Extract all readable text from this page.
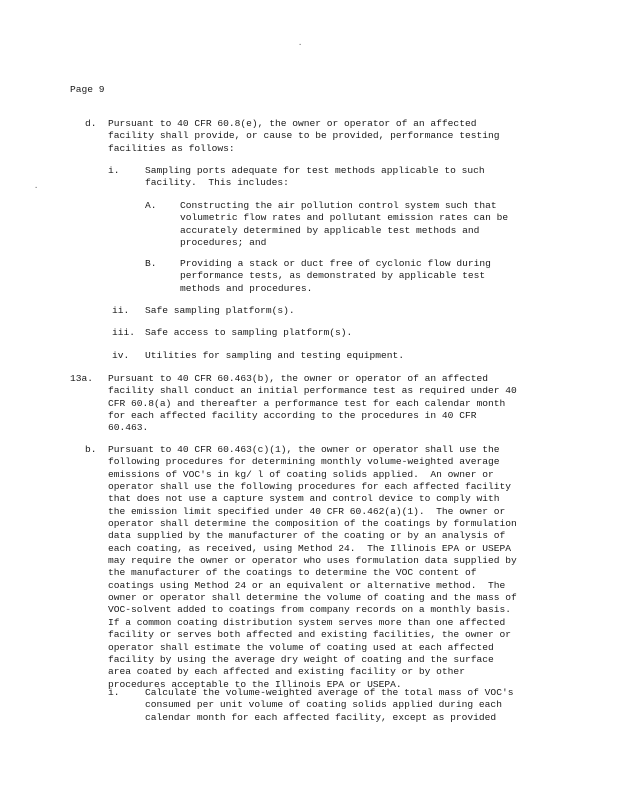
.
.
Page 9
d. Pursuant to 40 CFR 60.8(e), the owner or operator of an affected
facility shall provide, or cause to be provided, performance testing
facilities as follows:
i.	Sampling ports adequate for test methods applicable to such
facility.  This includes:
A. Constructing the air pollution control system such that
volumetric flow rates and pollutant emission rates can be
accurately determined by applicable test methods and
procedures; and
B. Providing a stack or duct free of cyclonic flow during
performance tests, as demonstrated by applicable test
methods and procedures.
ii. Safe sampling platform(s).
iii. Safe access to sampling platform(s).
iv. Utilities for sampling and testing equipment.
13a. Pursuant to 40 CFR 60.463(b), the owner or operator of an affected
facility shall conduct an initial performance test as required under 40
CFR 60.8(a) and thereafter a performance test for each calendar month
for each affected facility according to the procedures in 40 CFR
60.463.
b. Pursuant to 40 CFR 60.463(c)(1), the owner or operator shall use the
following procedures for determining monthly volume-weighted average
emissions of VOC's in kg/ l of coating solids applied.  An owner or
operator shall use the following procedures for each affected facility
that does not use a capture system and control device to comply with
the emission limit specified under 40 CFR 60.462(a)(1).  The owner or
operator shall determine the composition of the coatings by formulation
data supplied by the manufacturer of the coating or by an analysis of
each coating, as received, using Method 24.  The Illinois EPA or USEPA
may require the owner or operator who uses formulation data supplied by
the manufacturer of the coatings to determine the VOC content of
coatings using Method 24 or an equivalent or alternative method.  The
owner or operator shall determine the volume of coating and the mass of
VOC-solvent added to coatings from company records on a monthly basis.
If a common coating distribution system serves more than one affected
facility or serves both affected and existing facilities, the owner or
operator shall estimate the volume of coating used at each affected
facility by using the average dry weight of coating and the surface
area coated by each affected and existing facility or by other
procedures acceptable to the Illinois EPA or USEPA.
i.	Calculate the volume-weighted average of the total mass of VOC's
consumed per unit volume of coating solids applied during each
calendar month for each affected facility, except as provided
